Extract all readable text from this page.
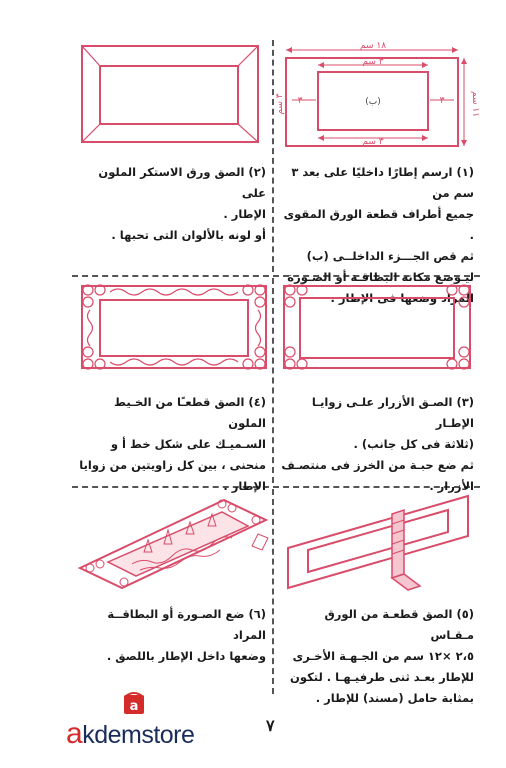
١٨ سم
٣ سم
٣ سم
٣	٣	١١ سم
٣ سم
(ب)

(١) ارسم إطارًا داخليًا على بعد ٣ سم من

جميع أطراف قطعة الورق المقوى .

ثم قص الجـــزء الداخلــى (ب)

ليـوضع مكانه البطاقـة أو الصـورة

المراد وضعها فى الإطار .

(٢) الصق ورق الاستكر الملون على

الإطار .

أو لونه بالألوان التى تحبها .

(٣) الصـق الأزرار علـى زوايـا الإطـار

(ثلاثة فى كل جانب) .

ثم ضع حبـة من الخرز فى منتصـف

الأزرار .

(٤) الصق قطعـًا من الخـيط الملون

السـميـك على شكل خط أ و

منحنى ، بين كل زاويتين من زوايا

الإطار .

(٥) الصق قطعـة من الورق مـقـاس

٢،٥ ×١٢ سم من الجـهـة الأخـرى

للإطار بعـد ثنى طرفيـهـا . لتكون

بمثابة حامل (مسند) للإطار .

(٦) ضع الصـورة أو البطاقــة المراد

وضعها داخل الإطار باللصق .

a
akdemstore	٧
